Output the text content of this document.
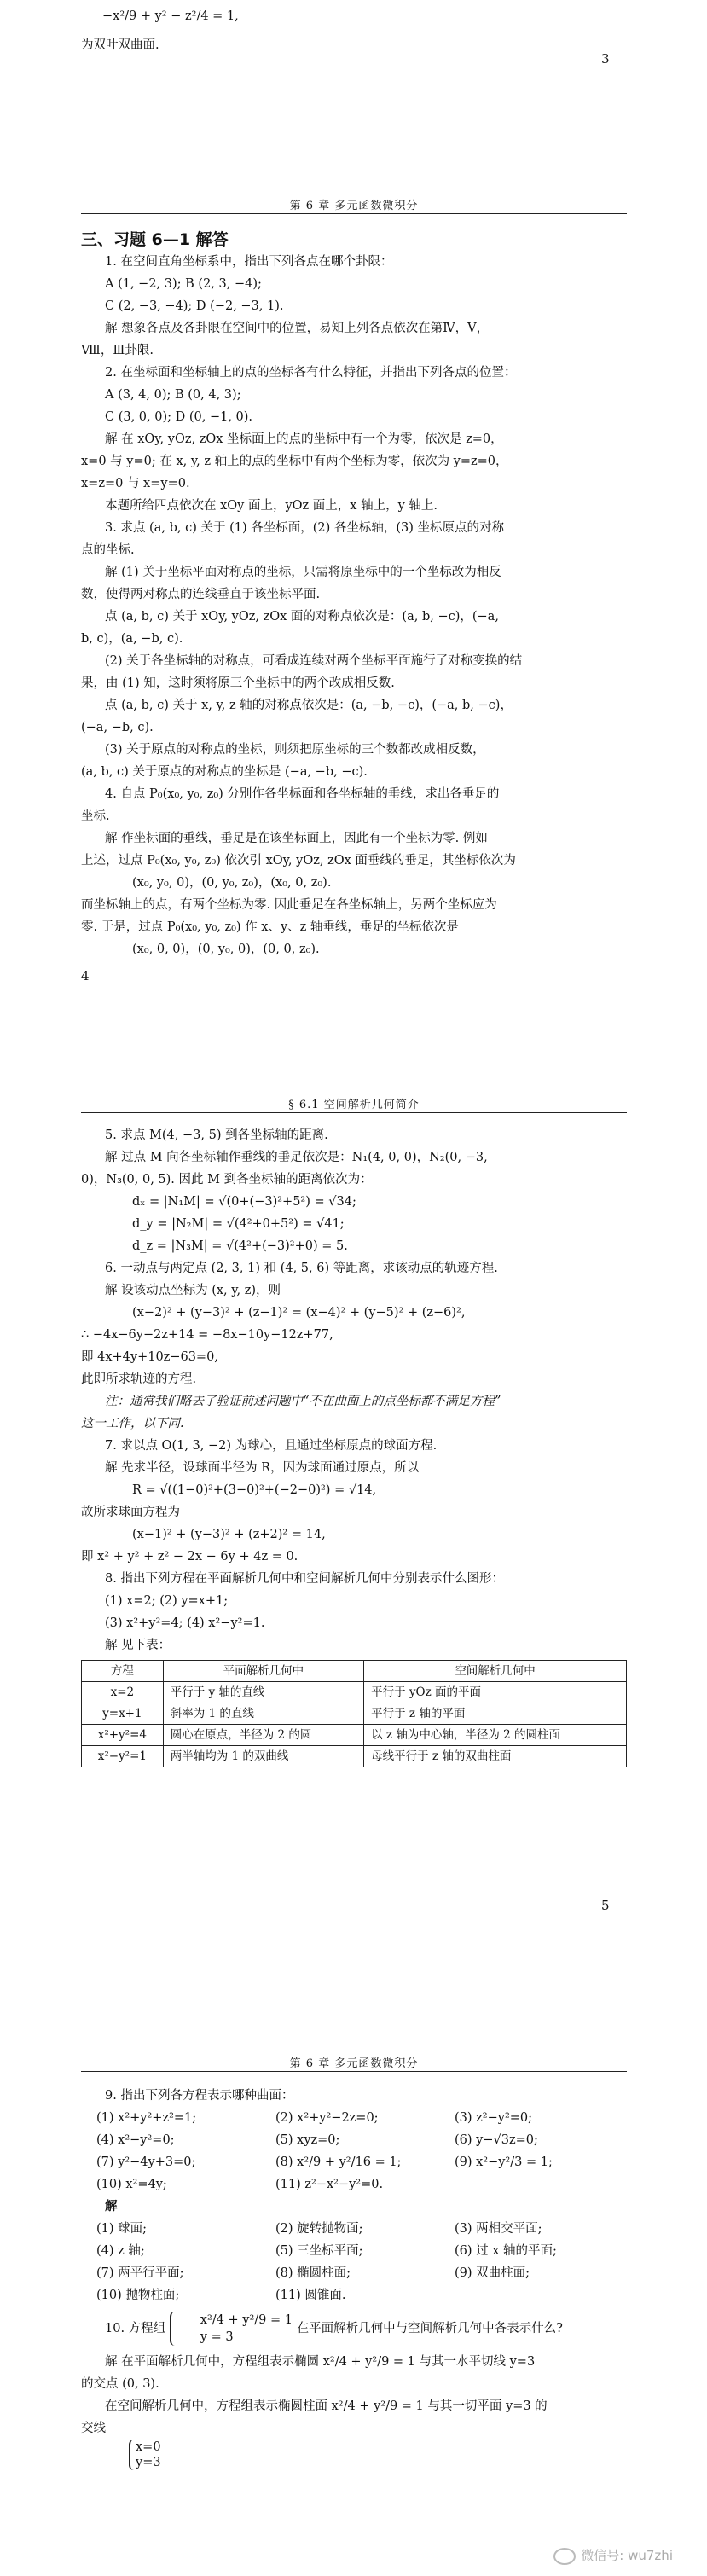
−x²/9 + y² − z²/4 = 1,

为双叶双曲面.

3
第 6 章 多元函数微积分

三、习题 6—1 解答

1. 在空间直角坐标系中，指出下列各点在哪个卦限：

A (1, −2, 3); B (2, 3, −4);

C (2, −3, −4); D (−2, −3, 1).

解 想象各点及各卦限在空间中的位置，易知上列各点依次在第Ⅳ，Ⅴ，

Ⅷ，Ⅲ卦限.

2. 在坐标面和坐标轴上的点的坐标各有什么特征，并指出下列各点的位置：

A (3, 4, 0); B (0, 4, 3);

C (3, 0, 0); D (0, −1, 0).

解 在 xOy, yOz, zOx 坐标面上的点的坐标中有一个为零，依次是 z=0，

x=0 与 y=0; 在 x, y, z 轴上的点的坐标中有两个坐标为零，依次为 y=z=0，

x=z=0 与 x=y=0.

本题所给四点依次在 xOy 面上，yOz 面上，x 轴上，y 轴上.

3. 求点 (a, b, c) 关于 (1) 各坐标面，(2) 各坐标轴，(3) 坐标原点的对称

点的坐标.

解 (1) 关于坐标平面对称点的坐标，只需将原坐标中的一个坐标改为相反

数，使得两对称点的连线垂直于该坐标平面.

点 (a, b, c) 关于 xOy, yOz, zOx 面的对称点依次是：(a, b, −c)，(−a,

b, c)，(a, −b, c).

(2) 关于各坐标轴的对称点，可看成连续对两个坐标平面施行了对称变换的结

果，由 (1) 知，这时须将原三个坐标中的两个改成相反数.

点 (a, b, c) 关于 x, y, z 轴的对称点依次是：(a, −b, −c)，(−a, b, −c)，

(−a, −b, c).

(3) 关于原点的对称点的坐标，则须把原坐标的三个数都改成相反数，

(a, b, c) 关于原点的对称点的坐标是 (−a, −b, −c).

4. 自点 P₀(x₀, y₀, z₀) 分别作各坐标面和各坐标轴的垂线，求出各垂足的

坐标.

解 作坐标面的垂线，垂足是在该坐标面上，因此有一个坐标为零. 例如

上述，过点 P₀(x₀, y₀, z₀) 依次引 xOy, yOz, zOx 面垂线的垂足，其坐标依次为

(x₀, y₀, 0)，(0, y₀, z₀)，(x₀, 0, z₀).

而坐标轴上的点，有两个坐标为零. 因此垂足在各坐标轴上，另两个坐标应为

零. 于是，过点 P₀(x₀, y₀, z₀) 作 x、y、z 轴垂线，垂足的坐标依次是

(x₀, 0, 0)，(0, y₀, 0)，(0, 0, z₀).

4
§ 6.1 空间解析几何简介

5. 求点 M(4, −3, 5) 到各坐标轴的距离.

解 过点 M 向各坐标轴作垂线的垂足依次是：N₁(4, 0, 0)，N₂(0, −3,

0)，N₃(0, 0, 5). 因此 M 到各坐标轴的距离依次为：

dₓ = |N₁M| = √(0+(−3)²+5²) = √34;

d_y = |N₂M| = √(4²+0+5²) = √41;

d_z = |N₃M| = √(4²+(−3)²+0) = 5.

6. 一动点与两定点 (2, 3, 1) 和 (4, 5, 6) 等距离，求该动点的轨迹方程.

解 设该动点坐标为 (x, y, z)，则

(x−2)² + (y−3)² + (z−1)² = (x−4)² + (y−5)² + (z−6)²,

∴ −4x−6y−2z+14 = −8x−10y−12z+77,

即 4x+4y+10z−63=0,

此即所求轨迹的方程.

注：通常我们略去了验证前述问题中“不在曲面上的点坐标都不满足方程”

这一工作，以下同.

7. 求以点 O(1, 3, −2) 为球心，且通过坐标原点的球面方程.

解 先求半径，设球面半径为 R，因为球面通过原点，所以

R = √((1−0)²+(3−0)²+(−2−0)²) = √14,

故所求球面方程为

(x−1)² + (y−3)² + (z+2)² = 14,

即 x² + y² + z² − 2x − 6y + 4z = 0.

8. 指出下列方程在平面解析几何中和空间解析几何中分别表示什么图形：

(1) x=2; (2) y=x+1;

(3) x²+y²=4; (4) x²−y²=1.

解 见下表：

方程	平面解析几何中	空间解析几何中
x=2	平行于 y 轴的直线	平行于 yOz 面的平面
y=x+1	斜率为 1 的直线	平行于 z 轴的平面
x²+y²=4	圆心在原点，半径为 2 的圆	以 z 轴为中心轴，半径为 2 的圆柱面
x²−y²=1	两半轴均为 1 的双曲线	母线平行于 z 轴的双曲柱面
5
第 6 章 多元函数微积分

9. 指出下列各方程表示哪种曲面：

(1) x²+y²+z²=1;	(2) x²+y²−2z=0;	(3) z²−y²=0;
(4) x²−y²=0;	(5) xyz=0;	(6) y−√3z=0;
(7) y²−4y+3=0;	(8) x²/9 + y²/16 = 1;	(9) x²−y²/3 = 1;
(10) x²=4y;	(11) z²−x²−y²=0.

解

(1) 球面;	(2) 旋转抛物面;	(3) 两相交平面;
(4) z 轴;	(5) 三坐标平面;	(6) 过 x 轴的平面;
(7) 两平行平面;	(8) 椭圆柱面;	(9) 双曲柱面;
(10) 抛物柱面;	(11) 圆锥面.

10. 方程组
x²/4 + y²/9 = 1
y = 3
在平面解析几何中与空间解析几何中各表示什么?

解 在平面解析几何中，方程组表示椭圆 x²/4 + y²/9 = 1 与其一水平切线 y=3

的交点 (0, 3).

在空间解析几何中，方程组表示椭圆柱面 x²/4 + y²/9 = 1 与其一切平面 y=3 的

交线

x=0
y=3

微信号: wu7zhi
